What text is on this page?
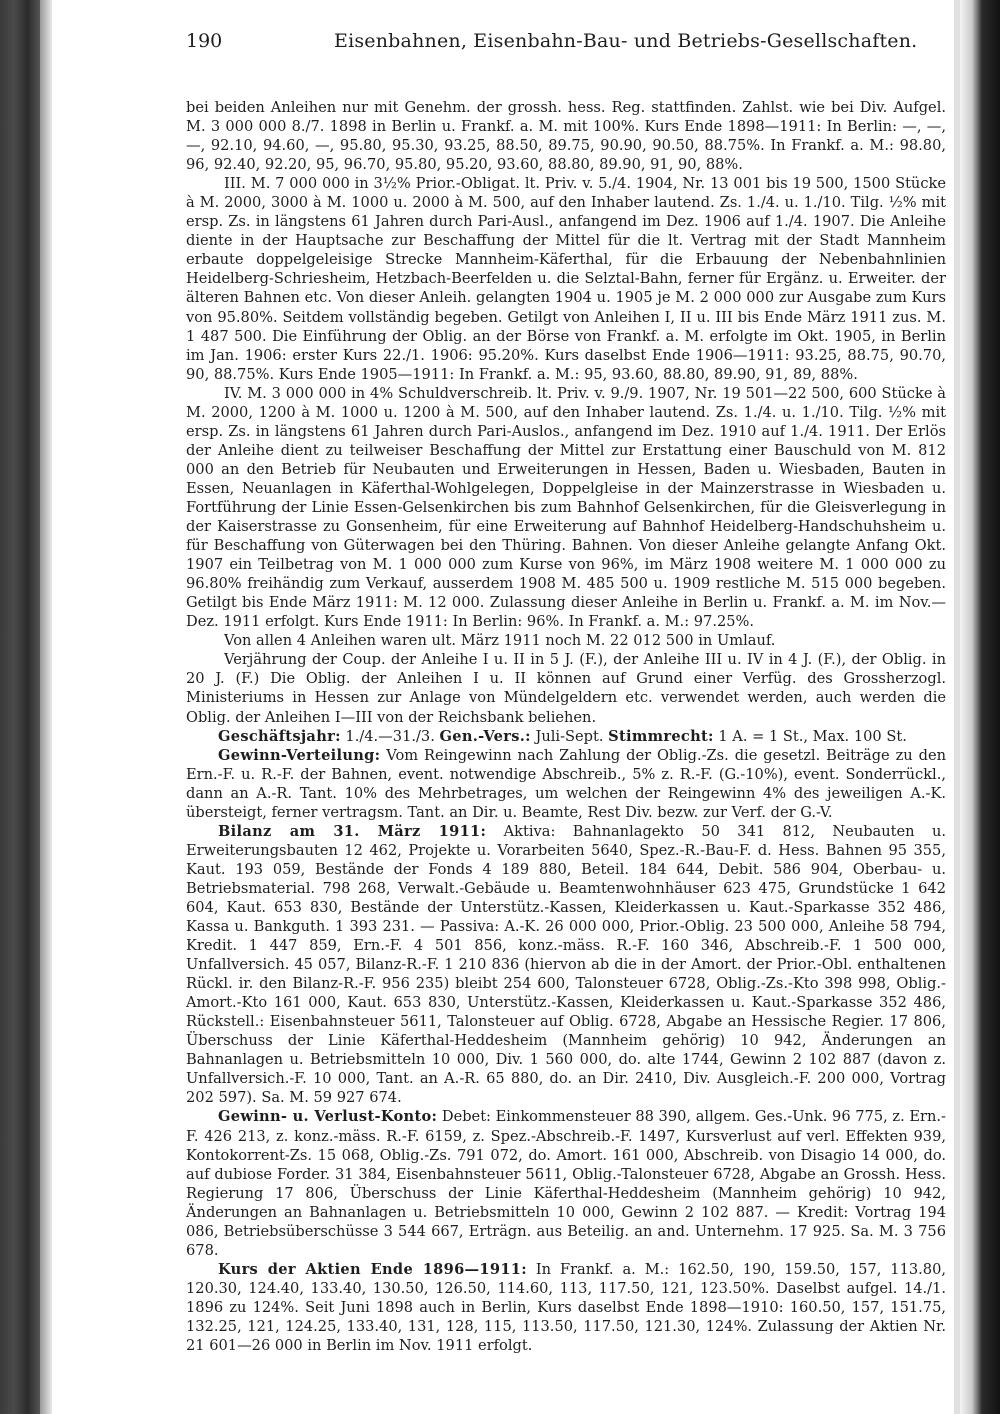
190	Eisenbahnen, Eisenbahn-Bau- und Betriebs-Gesellschaften.

bei beiden Anleihen nur mit Genehm. der grossh. hess. Reg. stattfinden. Zahlst. wie bei Div. Aufgel. M. 3 000 000 8./7. 1898 in Berlin u. Frankf. a. M. mit 100%. Kurs Ende 1898—1911: In Berlin: —, —, —, 92.10, 94.60, —, 95.80, 95.30, 93.25, 88.50, 89.75, 90.90, 90.50, 88.75%. In Frankf. a. M.: 98.80, 96, 92.40, 92.20, 95, 96.70, 95.80, 95.20, 93.60, 88.80, 89.90, 91, 90, 88%.

III. M. 7 000 000 in 3½% Prior.-Obligat. lt. Priv. v. 5./4. 1904, Nr. 13 001 bis 19 500, 1500 Stücke à M. 2000, 3000 à M. 1000 u. 2000 à M. 500, auf den Inhaber lautend. Zs. 1./4. u. 1./10. Tilg. ½% mit ersp. Zs. in längstens 61 Jahren durch Pari-Ausl., anfangend im Dez. 1906 auf 1./4. 1907. Die Anleihe diente in der Hauptsache zur Beschaffung der Mittel für die lt. Vertrag mit der Stadt Mannheim erbaute doppelgeleisige Strecke Mannheim-Käferthal, für die Erbauung der Nebenbahnlinien Heidelberg-Schriesheim, Hetzbach-Beerfelden u. die Selztal-Bahn, ferner für Ergänz. u. Erweiter. der älteren Bahnen etc. Von dieser Anleih. gelangten 1904 u. 1905 je M. 2 000 000 zur Ausgabe zum Kurs von 95.80%. Seitdem vollständig begeben. Getilgt von Anleihen I, II u. III bis Ende März 1911 zus. M. 1 487 500. Die Einführung der Oblig. an der Börse von Frankf. a. M. erfolgte im Okt. 1905, in Berlin im Jan. 1906: erster Kurs 22./1. 1906: 95.20%. Kurs daselbst Ende 1906—1911: 93.25, 88.75, 90.70, 90, 88.75%. Kurs Ende 1905—1911: In Frankf. a. M.: 95, 93.60, 88.80, 89.90, 91, 89, 88%.

IV. M. 3 000 000 in 4% Schuldverschreib. lt. Priv. v. 9./9. 1907, Nr. 19 501—22 500, 600 Stücke à M. 2000, 1200 à M. 1000 u. 1200 à M. 500, auf den Inhaber lautend. Zs. 1./4. u. 1./10. Tilg. ½% mit ersp. Zs. in längstens 61 Jahren durch Pari-Auslos., anfangend im Dez. 1910 auf 1./4. 1911. Der Erlös der Anleihe dient zu teilweiser Beschaffung der Mittel zur Erstattung einer Bauschuld von M. 812 000 an den Betrieb für Neubauten und Erweiterungen in Hessen, Baden u. Wiesbaden, Bauten in Essen, Neuanlagen in Käferthal-Wohlgelegen, Doppelgleise in der Mainzerstrasse in Wiesbaden u. Fortführung der Linie Essen-Gelsenkirchen bis zum Bahnhof Gelsenkirchen, für die Gleisverlegung in der Kaiserstrasse zu Gonsenheim, für eine Erweiterung auf Bahnhof Heidelberg-Handschuhsheim u. für Beschaffung von Güterwagen bei den Thüring. Bahnen. Von dieser Anleihe gelangte Anfang Okt. 1907 ein Teilbetrag von M. 1 000 000 zum Kurse von 96%, im März 1908 weitere M. 1 000 000 zu 96.80% freihändig zum Verkauf, ausserdem 1908 M. 485 500 u. 1909 restliche M. 515 000 begeben. Getilgt bis Ende März 1911: M. 12 000. Zulassung dieser Anleihe in Berlin u. Frankf. a. M. im Nov.—Dez. 1911 erfolgt. Kurs Ende 1911: In Berlin: 96%. In Frankf. a. M.: 97.25%.

Von allen 4 Anleihen waren ult. März 1911 noch M. 22 012 500 in Umlauf.

Verjährung der Coup. der Anleihe I u. II in 5 J. (F.), der Anleihe III u. IV in 4 J. (F.), der Oblig. in 20 J. (F.) Die Oblig. der Anleihen I u. II können auf Grund einer Verfüg. des Grossherzogl. Ministeriums in Hessen zur Anlage von Mündelgeldern etc. verwendet werden, auch werden die Oblig. der Anleihen I—III von der Reichsbank beliehen.

Geschäftsjahr: 1./4.—31./3. Gen.-Vers.: Juli-Sept. Stimmrecht: 1 A. = 1 St., Max. 100 St.

Gewinn-Verteilung: Vom Reingewinn nach Zahlung der Oblig.-Zs. die gesetzl. Beiträge zu den Ern.-F. u. R.-F. der Bahnen, event. notwendige Abschreib., 5% z. R.-F. (G.-10%), event. Sonderrückl., dann an A.-R. Tant. 10% des Mehrbetrages, um welchen der Reingewinn 4% des jeweiligen A.-K. übersteigt, ferner vertragsm. Tant. an Dir. u. Beamte, Rest Div. bezw. zur Verf. der G.-V.

Bilanz am 31. März 1911: Aktiva: Bahnanlagekto 50 341 812, Neubauten u. Erweiterungsbauten 12 462, Projekte u. Vorarbeiten 5640, Spez.-R.-Bau-F. d. Hess. Bahnen 95 355, Kaut. 193 059, Bestände der Fonds 4 189 880, Beteil. 184 644, Debit. 586 904, Oberbau- u. Betriebsmaterial. 798 268, Verwalt.-Gebäude u. Beamtenwohnhäuser 623 475, Grundstücke 1 642 604, Kaut. 653 830, Bestände der Unterstütz.-Kassen, Kleiderkassen u. Kaut.-Sparkasse 352 486, Kassa u. Bankguth. 1 393 231. — Passiva: A.-K. 26 000 000, Prior.-Oblig. 23 500 000, Anleihe 58 794, Kredit. 1 447 859, Ern.-F. 4 501 856, konz.-mäss. R.-F. 160 346, Abschreib.-F. 1 500 000, Unfallversich. 45 057, Bilanz-R.-F. 1 210 836 (hiervon ab die in der Amort. der Prior.-Obl. enthaltenen Rückl. ir. den Bilanz-R.-F. 956 235) bleibt 254 600, Talonsteuer 6728, Oblig.-Zs.-Kto 398 998, Oblig.-Amort.-Kto 161 000, Kaut. 653 830, Unterstütz.-Kassen, Kleiderkassen u. Kaut.-Sparkasse 352 486, Rückstell.: Eisenbahnsteuer 5611, Talonsteuer auf Oblig. 6728, Abgabe an Hessische Regier. 17 806, Überschuss der Linie Käferthal-Heddesheim (Mannheim gehörig) 10 942, Änderungen an Bahnanlagen u. Betriebsmitteln 10 000, Div. 1 560 000, do. alte 1744, Gewinn 2 102 887 (davon z. Unfallversich.-F. 10 000, Tant. an A.-R. 65 880, do. an Dir. 2410, Div. Ausgleich.-F. 200 000, Vortrag 202 597). Sa. M. 59 927 674.

Gewinn- u. Verlust-Konto: Debet: Einkommensteuer 88 390, allgem. Ges.-Unk. 96 775, z. Ern.-F. 426 213, z. konz.-mäss. R.-F. 6159, z. Spez.-Abschreib.-F. 1497, Kursverlust auf verl. Effekten 939, Kontokorrent-Zs. 15 068, Oblig.-Zs. 791 072, do. Amort. 161 000, Abschreib. von Disagio 14 000, do. auf dubiose Forder. 31 384, Eisenbahnsteuer 5611, Oblig.-Talonsteuer 6728, Abgabe an Grossh. Hess. Regierung 17 806, Überschuss der Linie Käferthal-Heddesheim (Mannheim gehörig) 10 942, Änderungen an Bahnanlagen u. Betriebsmitteln 10 000, Gewinn 2 102 887. — Kredit: Vortrag 194 086, Betriebsüberschüsse 3 544 667, Erträgn. aus Beteilig. an and. Unternehm. 17 925. Sa. M. 3 756 678.

Kurs der Aktien Ende 1896—1911: In Frankf. a. M.: 162.50, 190, 159.50, 157, 113.80, 120.30, 124.40, 133.40, 130.50, 126.50, 114.60, 113, 117.50, 121, 123.50%. Daselbst aufgel. 14./1. 1896 zu 124%. Seit Juni 1898 auch in Berlin, Kurs daselbst Ende 1898—1910: 160.50, 157, 151.75, 132.25, 121, 124.25, 133.40, 131, 128, 115, 113.50, 117.50, 121.30, 124%. Zulassung der Aktien Nr. 21 601—26 000 in Berlin im Nov. 1911 erfolgt.
